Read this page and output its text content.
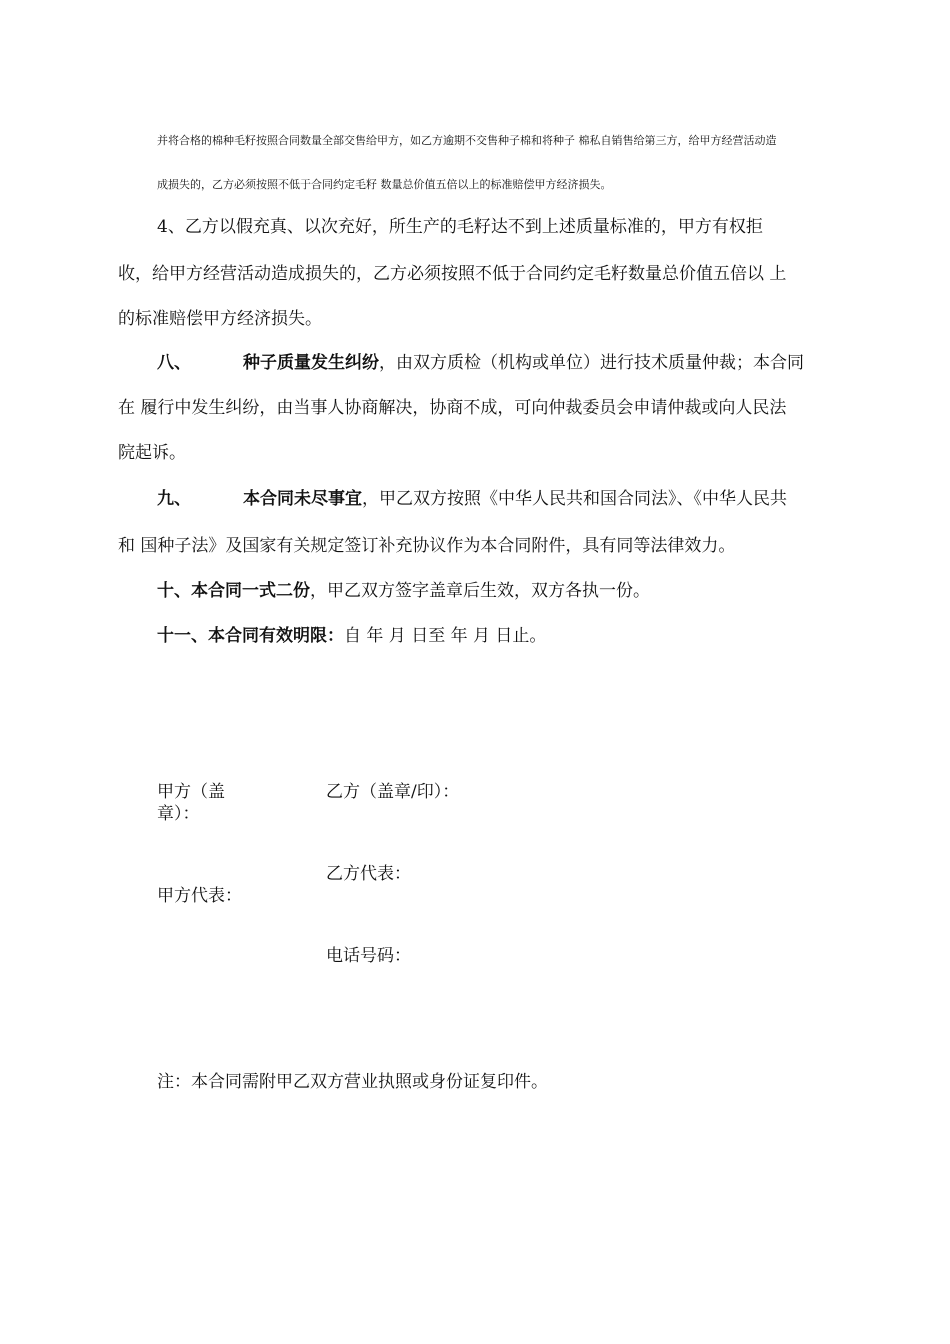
并将合格的棉种毛籽按照合同数量全部交售给甲方，如乙方逾期不交售种子棉和将种子 棉私自销售给第三方，给甲方经营活动造
成损失的，乙方必须按照不低于合同约定毛籽 数量总价值五倍以上的标准赔偿甲方经济损失。
4、乙方以假充真、以次充好，所生产的毛籽达不到上述质量标准的，甲方有权拒
收，给甲方经营活动造成损失的，乙方必须按照不低于合同约定毛籽数量总价值五倍以 上
的标准赔偿甲方经济损失。
八、	种子质量发生纠纷，由双方质检（机构或单位）进行技术质量仲裁；本合同
在 履行中发生纠纷，由当事人协商解决，协商不成，可向仲裁委员会申请仲裁或向人民法
院起诉。
九、	本合同未尽事宜，甲乙双方按照《中华人民共和国合同法》、《中华人民共
和 国种子法》及国家有关规定签订补充协议作为本合同附件，具有同等法律效力。
十、本合同一式二份，甲乙双方签字盖章后生效，双方各执一份。
十一、本合同有效明限：自 年 月 日至 年 月 日止。
甲方（盖
章）：
乙方（盖章/印）：
乙方代表：
甲方代表：
电话号码：
注：本合同需附甲乙双方营业执照或身份证复印件。
